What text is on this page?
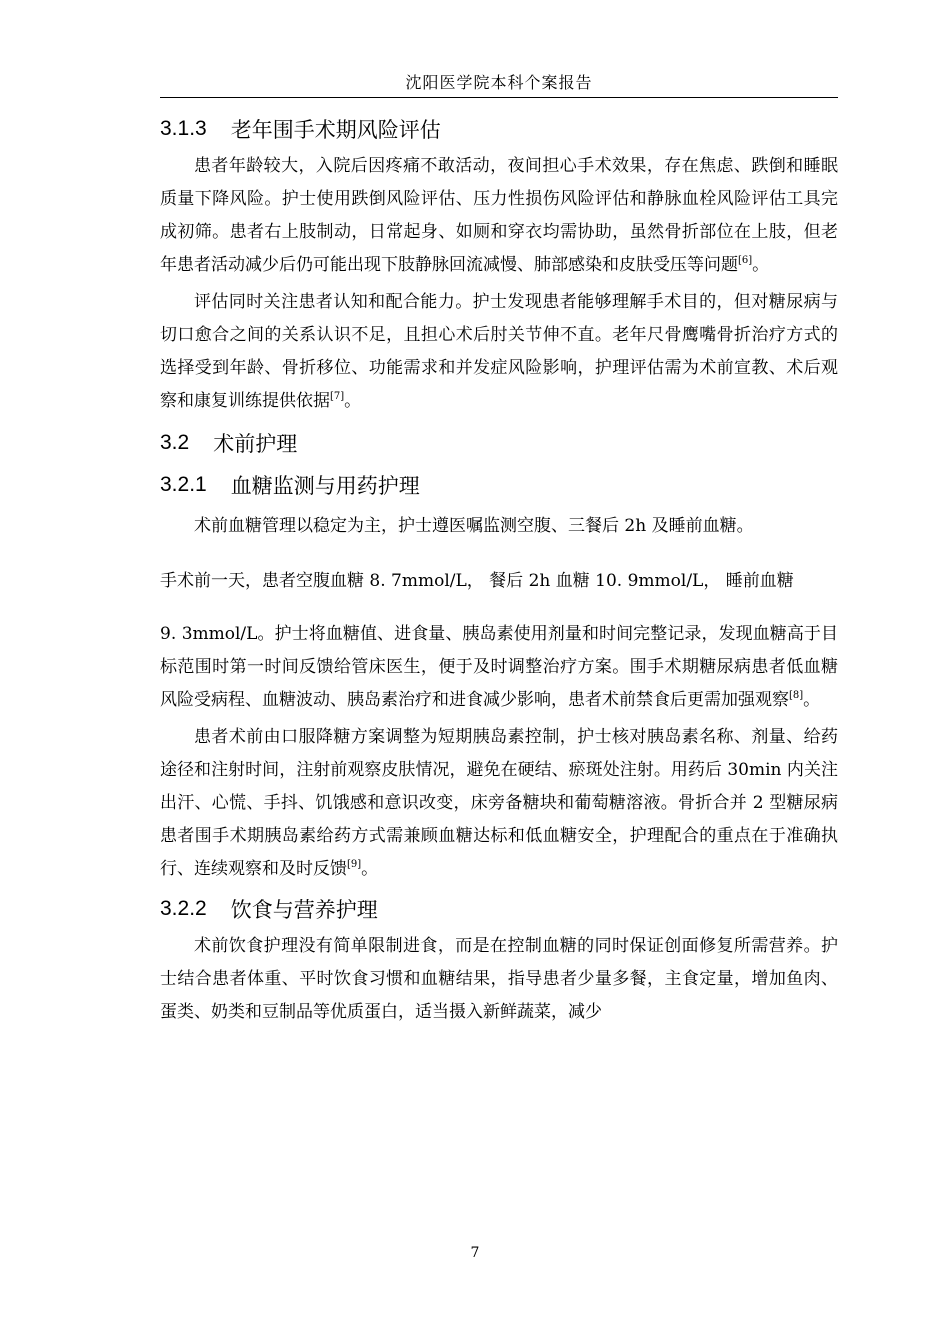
沈阳医学院本科个案报告
3.1.3 老年围手术期风险评估

患者年龄较大，入院后因疼痛不敢活动，夜间担心手术效果，存在焦虑、跌倒和睡眠质量下降风险。护士使用跌倒风险评估、压力性损伤风险评估和静脉血栓风险评估工具完成初筛。患者右上肢制动，日常起身、如厕和穿衣均需协助，虽然骨折部位在上肢，但老年患者活动减少后仍可能出现下肢静脉回流减慢、肺部感染和皮肤受压等问题[6]。

评估同时关注患者认知和配合能力。护士发现患者能够理解手术目的，但对糖尿病与切口愈合之间的关系认识不足，且担心术后肘关节伸不直。老年尺骨鹰嘴骨折治疗方式的选择受到年龄、骨折移位、功能需求和并发症风险影响，护理评估需为术前宣教、术后观察和康复训练提供依据[7]。

3.2 术前护理
3.2.1 血糖监测与用药护理

术前血糖管理以稳定为主，护士遵医嘱监测空腹、三餐后 2h 及睡前血糖。

手术前一天，患者空腹血糖 8. 7mmol/L， 餐后 2h 血糖 10. 9mmol/L， 睡前血糖

9. 3mmol/L。护士将血糖值、进食量、胰岛素使用剂量和时间完整记录，发现血糖高于目标范围时第一时间反馈给管床医生，便于及时调整治疗方案。围手术期糖尿病患者低血糖风险受病程、血糖波动、胰岛素治疗和进食减少影响，患者术前禁食后更需加强观察[8]。

患者术前由口服降糖方案调整为短期胰岛素控制，护士核对胰岛素名称、剂量、给药途径和注射时间，注射前观察皮肤情况，避免在硬结、瘀斑处注射。用药后 30min 内关注出汗、心慌、手抖、饥饿感和意识改变，床旁备糖块和葡萄糖溶液。骨折合并 2 型糖尿病患者围手术期胰岛素给药方式需兼顾血糖达标和低血糖安全，护理配合的重点在于准确执行、连续观察和及时反馈[9]。

3.2.2 饮食与营养护理

术前饮食护理没有简单限制进食，而是在控制血糖的同时保证创面修复所需营养。护士结合患者体重、平时饮食习惯和血糖结果，指导患者少量多餐，主食定量，增加鱼肉、蛋类、奶类和豆制品等优质蛋白，适当摄入新鲜蔬菜，减少

7
